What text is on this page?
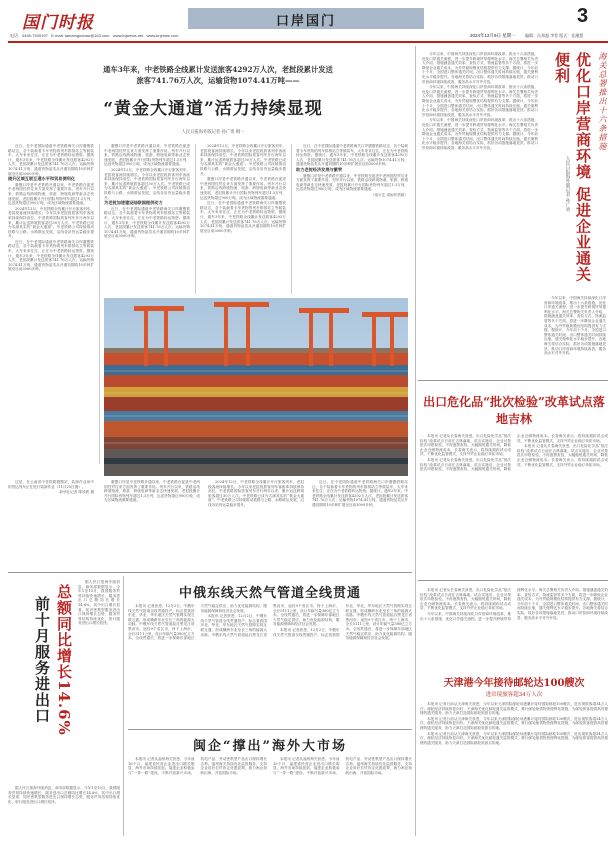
国门时报	口岸国门	3
电话：0459-7539197 E-mail: tamaniguobao@163.com www.tnjwews.net www.bnjmws.com	2024年12月9日 星期一 编辑：冯邦超 李荐 版式：佳湘慧
通车3年来，中老铁路全线累计发送旅客4292万人次，老挝段累计发送
旅客741.76万人次，运输货物1074.41万吨——
“黄金大通道”活力持续显现
人民日报海外版记者 孙广勇 桐一

近日，在中老国际通道中老铁路海关口岸磨憨铁路站边，各个装载着卡车货物的列车排排站立等候装车，大车来来往往，正在为中老铁路转运物资。据统计，通车3年来，中老铁路全线累计发送旅客4292万人次，老挝段累计发送旅客741.76万人次；运输货物1074.41万吨，通道货物品类从开通初期的10多种扩展至目前3000多种。

提升区域互联互通水平和贸易便利化

磨憨口岸是中老铁路开通以来，中老铁路在促进中老两国经贸往来方面发挥了重要作用。列车开行以来，铁路沿线跨境物流、旅游、跨境电商等新业态快速发展，老挝段累计开行国际货物列车超过1.3万列，运送货物超过900万吨，成为区域物流重要通道。

2024年12月，中老铁路全线累计开行旅客列车，老挝段客流持续增长。今年以来老挝段旅客列车客座率持续保持高位，中老铁路国际旅客列车开行两年以来，累计运送跨境旅客超过30万人次。中老铁路已成为名副其实的“黄金大通道”。中老铁路公司持续推动铁路与公路、水路联运发展，沿线各站货运量稳步提升。

近日，在中老国际通道中老铁路海关口岸磨憨铁路站边，各个装载着卡车货物的列车排排站立等候装车，大车来来往往，正在为中老铁路转运物资。据统计，通车3年来，中老铁路全线累计发送旅客4292万人次，老挝段累计发送旅客741.76万人次；运输货物1074.41万吨，通道货物品类从开通初期的10多种扩展至目前3000多种。

磨憨口岸是中老铁路开通以来，中老铁路在促进中老两国经贸往来方面发挥了重要作用。列车开行以来，铁路沿线跨境物流、旅游、跨境电商等新业态快速发展，老挝段累计开行国际货物列车超过1.3万列，运送货物超过900万吨，成为区域物流重要通道。

2024年12月，中老铁路全线累计开行旅客列车，老挝段客流持续增长。今年以来老挝段旅客列车客座率持续保持高位，中老铁路国际旅客列车开行两年以来，累计运送跨境旅客超过30万人次。中老铁路已成为名副其实的“黄金大通道”。中老铁路公司持续推动铁路与公路、水路联运发展，沿线各站货运量稳步提升。

为老挝加速建设陆联国提供动力

近日，在中老国际通道中老铁路海关口岸磨憨铁路站边，各个装载着卡车货物的列车排排站立等候装车，大车来来往往，正在为中老铁路转运物资。据统计，通车3年来，中老铁路全线累计发送旅客4292万人次，老挝段累计发送旅客741.76万人次；运输货物1074.41万吨，通道货物品类从开通初期的10多种扩展至目前3000多种。

2024年12月，中老铁路全线累计开行旅客列车，老挝段客流持续增长。今年以来老挝段旅客列车客座率持续保持高位，中老铁路国际旅客列车开行两年以来，累计运送跨境旅客超过30万人次。中老铁路已成为名副其实的“黄金大通道”。中老铁路公司持续推动铁路与公路、水路联运发展，沿线各站货运量稳步提升。

磨憨口岸是中老铁路开通以来，中老铁路在促进中老两国经贸往来方面发挥了重要作用。列车开行以来，铁路沿线跨境物流、旅游、跨境电商等新业态快速发展，老挝段累计开行国际货物列车超过1.3万列，运送货物超过900万吨，成为区域物流重要通道。

近日，在中老国际通道中老铁路海关口岸磨憨铁路站边，各个装载着卡车货物的列车排排站立等候装车，大车来来往往，正在为中老铁路转运物资。据统计，通车3年来，中老铁路全线累计发送旅客4292万人次，老挝段累计发送旅客741.76万人次；运输货物1074.41万吨，通道货物品类从开通初期的10多种扩展至目前3000多种。

近日，在中老国际通道中老铁路海关口岸磨憨铁路站边，各个装载着卡车货物的列车排排站立等候装车，大车来来往往，正在为中老铁路转运物资。据统计，通车3年来，中老铁路全线累计发送旅客4292万人次，老挝段累计发送旅客741.76万人次；运输货物1074.41万吨，通道货物品类从开通初期的10多种扩展至目前3000多种。

助力老挝经济发展与繁荣

磨憨口岸是中老铁路开通以来，中老铁路在促进中老两国经贸往来方面发挥了重要作用。列车开行以来，铁路沿线跨境物流、旅游、跨境电商等新业态快速发展，老挝段累计开行国际货物列车超过1.3万列，运送货物超过900万吨，成为区域物流重要通道。

（梁永艺 梁雨莎供稿）

这是，在云南省中老铁路磨憨站，装卸作业场中的货运列车正在进行装卸作业（11月25日摄）。

新华社记者 陈欣波 摄

磨憨口岸是中老铁路开通以来，中老铁路在促进中老两国经贸往来方面发挥了重要作用。列车开行以来，铁路沿线跨境物流、旅游、跨境电商等新业态快速发展，老挝段累计开行国际货物列车超过1.3万列，运送货物超过900万吨，成为区域物流重要通道。

2024年12月，中老铁路全线累计开行旅客列车，老挝段客流持续增长。今年以来老挝段旅客列车客座率持续保持高位，中老铁路国际旅客列车开行两年以来，累计运送跨境旅客超过30万人次。中老铁路已成为名副其实的“黄金大通道”。中老铁路公司持续推动铁路与公路、水路联运发展，沿线各站货运量稳步提升。

近日，在中老国际通道中老铁路海关口岸磨憨铁路站边，各个装载着卡车货物的列车排排站立等候装车，大车来来往往，正在为中老铁路转运物资。据统计，通车3年来，中老铁路全线累计发送旅客4292万人次，老挝段累计发送旅客741.76万人次；运输货物1074.41万吨，通道货物品类从开通初期的10多种扩展至目前3000多种。

海关总署推出十六条措施
优化口岸营商环境 促进企业通关便利
人民日报海外版记者 孙广勇

今年以来，中国海关持续深化口岸营商环境改革，推出十六条措施，优化口岸通关流程，进一步提升跨境贸易便利化水平。海关总署相关负责人介绍，措施涵盖通关效率、查验方式、物流监管等多个方面，将进一步降低企业通关成本，为外贸稳规模优结构提供有力支撑。据统计，今年前十个月，全国进口整体通关时间、出口整体通关时间持续压缩，通关便利化水平稳步提升。各地海关将结合实际，抓好各项措施落地见效，推动口岸营商环境持续改善，服务高水平对外开放。

今年以来，中国海关持续深化口岸营商环境改革，推出十六条措施，优化口岸通关流程，进一步提升跨境贸易便利化水平。海关总署相关负责人介绍，措施涵盖通关效率、查验方式、物流监管等多个方面，将进一步降低企业通关成本，为外贸稳规模优结构提供有力支撑。据统计，今年前十个月，全国进口整体通关时间、出口整体通关时间持续压缩，通关便利化水平稳步提升。各地海关将结合实际，抓好各项措施落地见效，推动口岸营商环境持续改善，服务高水平对外开放。

今年以来，中国海关持续深化口岸营商环境改革，推出十六条措施，优化口岸通关流程，进一步提升跨境贸易便利化水平。海关总署相关负责人介绍，措施涵盖通关效率、查验方式、物流监管等多个方面，将进一步降低企业通关成本，为外贸稳规模优结构提供有力支撑。据统计，今年前十个月，全国进口整体通关时间、出口整体通关时间持续压缩，通关便利化水平稳步提升。各地海关将结合实际，抓好各项措施落地见效，推动口岸营商环境持续改善，服务高水平对外开放。

今年以来，中国海关持续深化口岸营商环境改革，推出十六条措施，优化口岸通关流程，进一步提升跨境贸易便利化水平。海关总署相关负责人介绍，措施涵盖通关效率、查验方式、物流监管等多个方面，将进一步降低企业通关成本，为外贸稳规模优结构提供有力支撑。据统计，今年前十个月，全国进口整体通关时间、出口整体通关时间持续压缩，通关便利化水平稳步提升。各地海关将结合实际，抓好各项措施落地见效，推动口岸营商环境持续改善，服务高水平对外开放。

出口危化品“批次检验”改革试点落地吉林

本报讯 记者从长春海关获悉，出口危险化学品“批次检验”改革试点日前在吉林落地。试点实施后，企业可按批次申报检验，不再逐票查验，大幅缩短通关时间，降低企业仓储物流成本。长春海关表示，将持续跟踪试点成效，不断优化监管模式，支持外贸企业稳订单拓市场。

本报讯 记者从长春海关获悉，出口危险化学品“批次检验”改革试点日前在吉林落地。试点实施后，企业可按批次申报检验，不再逐票查验，大幅缩短通关时间，降低企业仓储物流成本。长春海关表示，将持续跟踪试点成效，不断优化监管模式，支持外贸企业稳订单拓市场。

本报讯 记者从长春海关获悉，出口危险化学品“批次检验”改革试点日前在吉林落地。试点实施后，企业可按批次申报检验，不再逐票查验，大幅缩短通关时间，降低企业仓储物流成本。长春海关表示，将持续跟踪试点成效，不断优化监管模式，支持外贸企业稳订单拓市场。

天津港今年接待邮轮达100艘次
进出境旅客超34万人次

本报讯 记者从长春海关获悉，出口危险化学品“批次检验”改革试点日前在吉林落地。试点实施后，企业可按批次申报检验，不再逐票查验，大幅缩短通关时间，降低企业仓储物流成本。长春海关表示，将持续跟踪试点成效，不断优化监管模式，支持外贸企业稳订单拓市场。

今年以来，中国海关持续深化口岸营商环境改革，推出十六条措施，优化口岸通关流程，进一步提升跨境贸易便利化水平。海关总署相关负责人介绍，措施涵盖通关效率、查验方式、物流监管等多个方面，将进一步降低企业通关成本，为外贸稳规模优结构提供有力支撑。据统计，今年前十个月，全国进口整体通关时间、出口整体通关时间持续压缩，通关便利化水平稳步提升。各地海关将结合实际，抓好各项措施落地见效，推动口岸营商环境持续改善，服务高水平对外开放。

本报讯 记者日前从天津海关获悉，今年以来天津国际邮轮母港累计接待国际邮轮100艘次，进出境旅客超34万人次，邮轮经济持续恢复向好。天津海关优化邮轮通关监管模式，推行邮轮船供物资便利化措施，为邮轮旅客提供高效便捷的通关服务，助力天津打造国际邮轮旅游目的地。

本报讯 记者日前从天津海关获悉，今年以来天津国际邮轮母港累计接待国际邮轮100艘次，进出境旅客超34万人次，邮轮经济持续恢复向好。天津海关优化邮轮通关监管模式，推行邮轮船供物资便利化措施，为邮轮旅客提供高效便捷的通关服务，助力天津打造国际邮轮旅游目的地。

本报讯 记者日前从天津海关获悉，今年以来天津国际邮轮母港累计接待国际邮轮100艘次，进出境旅客超34万人次，邮轮经济持续恢复向好。天津海关优化邮轮通关监管模式，推行邮轮船供物资便利化措施，为邮轮旅客提供高效便捷的通关服务，助力天津打造国际邮轮旅游目的地。

总额同比增长14.6%
前十月服务进出口

据人民日报海外版消息，商务部数据显示，今年1至10月，我国服务贸易持续快速增长，服务进出口总额同比增长14.6%，其中出口增长显著，知识密集型服务进出口保持增长态势，服务贸易结构持续优化，旅行服务进出口增长较快。

据人民日报海外版消息，商务部数据显示，今年1至10月，我国服务贸易持续快速增长，服务进出口总额同比增长14.6%，其中出口增长显著，知识密集型服务进出口保持增长态势，服务贸易结构持续优化，旅行服务进出口增长较快。

中俄东线天然气管道全线贯通

本报讯 记者获悉，12月2日，中俄东线天然气管道全线贯通投产，标志着我国东北、华北、华东地区天然气管网实现互联互通，形成横跨东北至长三角的能源大动脉。中俄东线天然气管道起自黑龙江省黑河市，途经9个省区市，终于上海市，全长5111公里，设计年输气量380亿立方米。全线贯通后，将进一步保障东部地区天然气稳定供应，助力优化能源结构，服务能源保障和经济社会发展。

本报讯 记者获悉，12月2日，中俄东线天然气管道全线贯通投产，标志着我国东北、华北、华东地区天然气管网实现互联互通，形成横跨东北至长三角的能源大动脉。中俄东线天然气管道起自黑龙江省黑河市，途经9个省区市，终于上海市，全长5111公里，设计年输气量380亿立方米。全线贯通后，将进一步保障东部地区天然气稳定供应，助力优化能源结构，服务能源保障和经济社会发展。

本报讯 记者获悉，12月2日，中俄东线天然气管道全线贯通投产，标志着我国东北、华北、华东地区天然气管网实现互联互通，形成横跨东北至长三角的能源大动脉。中俄东线天然气管道起自黑龙江省黑河市，途经9个省区市，终于上海市，全长5111公里，设计年输气量380亿立方米。全线贯通后，将进一步保障东部地区天然气稳定供应，助力优化能源结构，服务能源保障和经济社会发展。

闽企“撑出”海外大市场

本报讯 记者从福州海关获悉，今年前10个月，福建省民营企业进出口增长明显，海外市场持续拓展。福建企业积极参与“一带一路”建设，不断开拓新兴市场，机电产品、劳动密集型产品出口保持增长态势。福州海关持续优化监管服务，支持企业用好自贸协定优惠政策，助力闽企扬帆出海、开拓国际市场。

本报讯 记者从福州海关获悉，今年前10个月，福建省民营企业进出口增长明显，海外市场持续拓展。福建企业积极参与“一带一路”建设，不断开拓新兴市场，机电产品、劳动密集型产品出口保持增长态势。福州海关持续优化监管服务，支持企业用好自贸协定优惠政策，助力闽企扬帆出海、开拓国际市场。
